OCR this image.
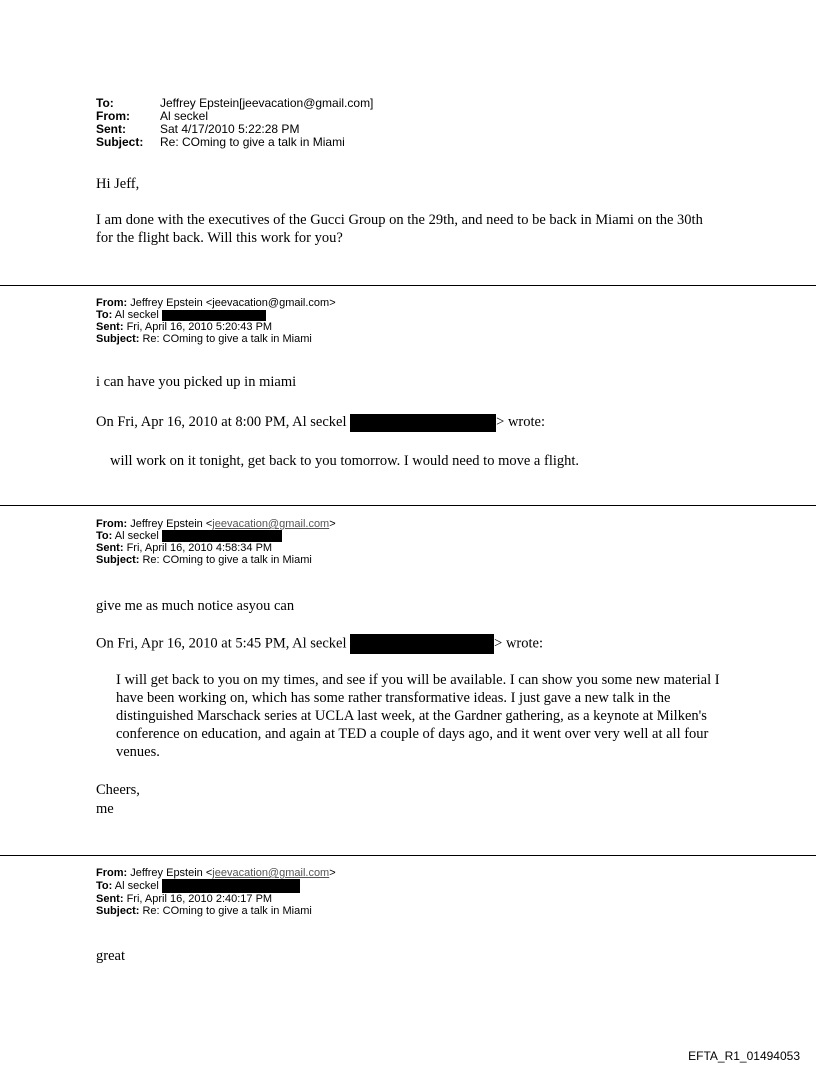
To:	Jeffrey Epstein[jeevacation@gmail.com]
From:	Al seckel
Sent:	Sat 4/17/2010 5:22:28 PM
Subject: Re: COming to give a talk in Miami
Hi Jeff,
I am done with the executives of the Gucci Group on the 29th, and need to be back in Miami on the 30th for the flight back. Will this work for you?
From: Jeffrey Epstein <jeevacation@gmail.com>
To: Al seckel
Sent: Fri, April 16, 2010 5:20:43 PM
Subject: Re: COming to give a talk in Miami
i can have you picked up in miami
On Fri, Apr 16, 2010 at 8:00 PM, Al seckel	> wrote:
will work on it tonight, get back to you tomorrow. I would need to move a flight.
From: Jeffrey Epstein <jeevacation@gmail.com>
To: Al seckel
Sent: Fri, April 16, 2010 4:58:34 PM
Subject: Re: COming to give a talk in Miami
give me as much notice asyou can
On Fri, Apr 16, 2010 at 5:45 PM, Al seckel	> wrote:
I will get back to you on my times, and see if you will be available. I can show you some new material I have been working on, which has some rather transformative ideas. I just gave a new talk in the distinguished Marschack series at UCLA last week, at the Gardner gathering, as a keynote at Milken's conference on education, and again at TED a couple of days ago, and it went over very well at all four venues.
Cheers,
me
From: Jeffrey Epstein <jeevacation@gmail.com>
To: Al seckel
Sent: Fri, April 16, 2010 2:40:17 PM
Subject: Re: COming to give a talk in Miami
great
EFTA_R1_01494053
